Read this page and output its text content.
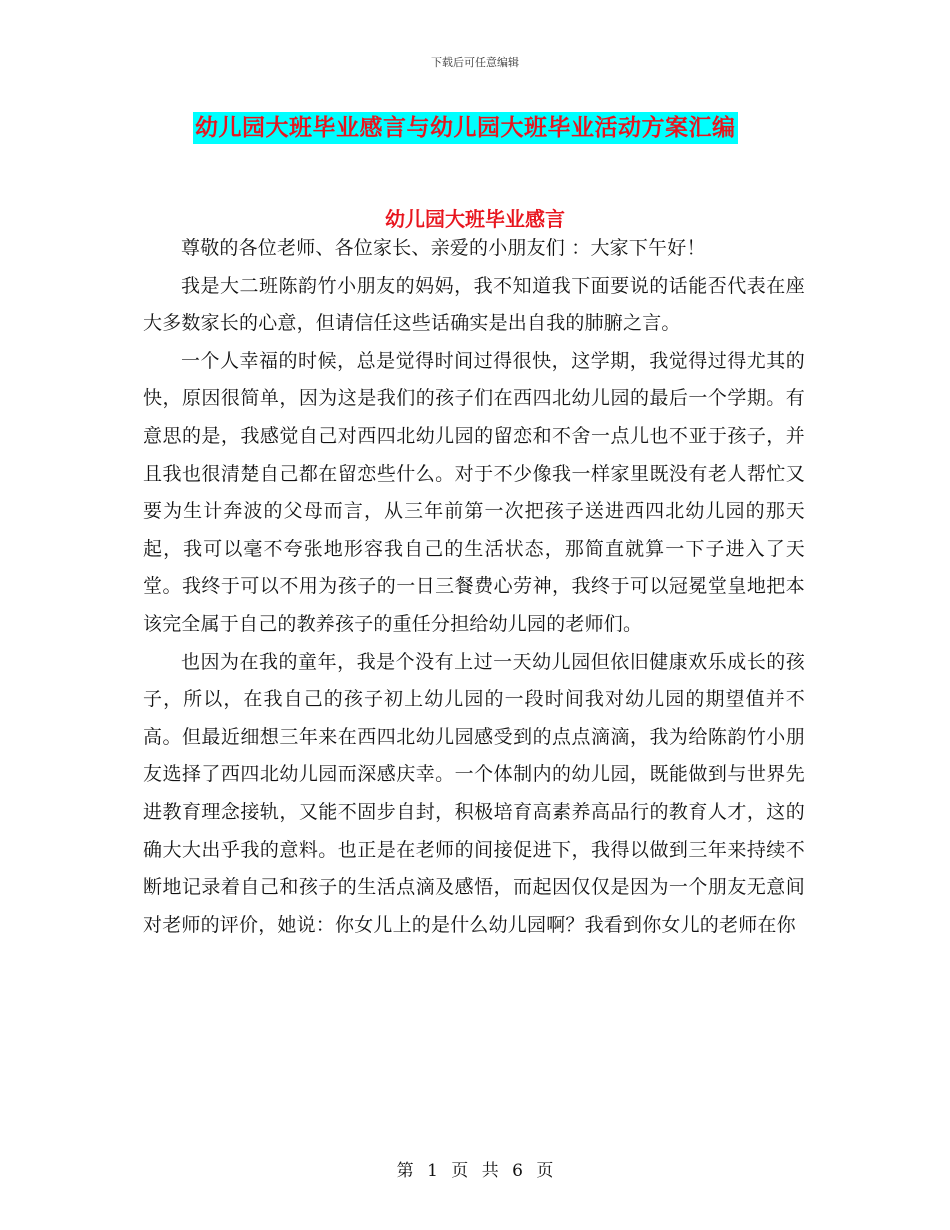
下载后可任意编辑
幼儿园大班毕业感言与幼儿园大班毕业活动方案汇编
幼儿园大班毕业感言

尊敬的各位老师、各位家长、亲爱的小朋友们 ：大家下午好！

我是大二班陈韵竹小朋友的妈妈，我不知道我下面要说的话能否代表在座大多数家长的心意，但请信任这些话确实是出自我的肺腑之言。

一个人幸福的时候，总是觉得时间过得很快，这学期，我觉得过得尤其的快，原因很简单，因为这是我们的孩子们在西四北幼儿园的最后一个学期。有意思的是，我感觉自己对西四北幼儿园的留恋和不舍一点儿也不亚于孩子，并且我也很清楚自己都在留恋些什么。对于不少像我一样家里既没有老人帮忙又要为生计奔波的父母而言，从三年前第一次把孩子送进西四北幼儿园的那天起，我可以毫不夸张地形容我自己的生活状态，那简直就算一下子进入了天堂。我终于可以不用为孩子的一日三餐费心劳神，我终于可以冠冕堂皇地把本该完全属于自己的教养孩子的重任分担给幼儿园的老师们。

也因为在我的童年，我是个没有上过一天幼儿园但依旧健康欢乐成长的孩子，所以，在我自己的孩子初上幼儿园的一段时间我对幼儿园的期望值并不高。但最近细想三年来在西四北幼儿园感受到的点点滴滴，我为给陈韵竹小朋友选择了西四北幼儿园而深感庆幸。一个体制内的幼儿园，既能做到与世界先进教育理念接轨，又能不固步自封，积极培育高素养高品行的教育人才，这的确大大出乎我的意料。也正是在老师的间接促进下，我得以做到三年来持续不断地记录着自己和孩子的生活点滴及感悟，而起因仅仅是因为一个朋友无意间对老师的评价，她说：你女儿上的是什么幼儿园啊？我看到你女儿的老师在你

第 1 页 共 6 页
